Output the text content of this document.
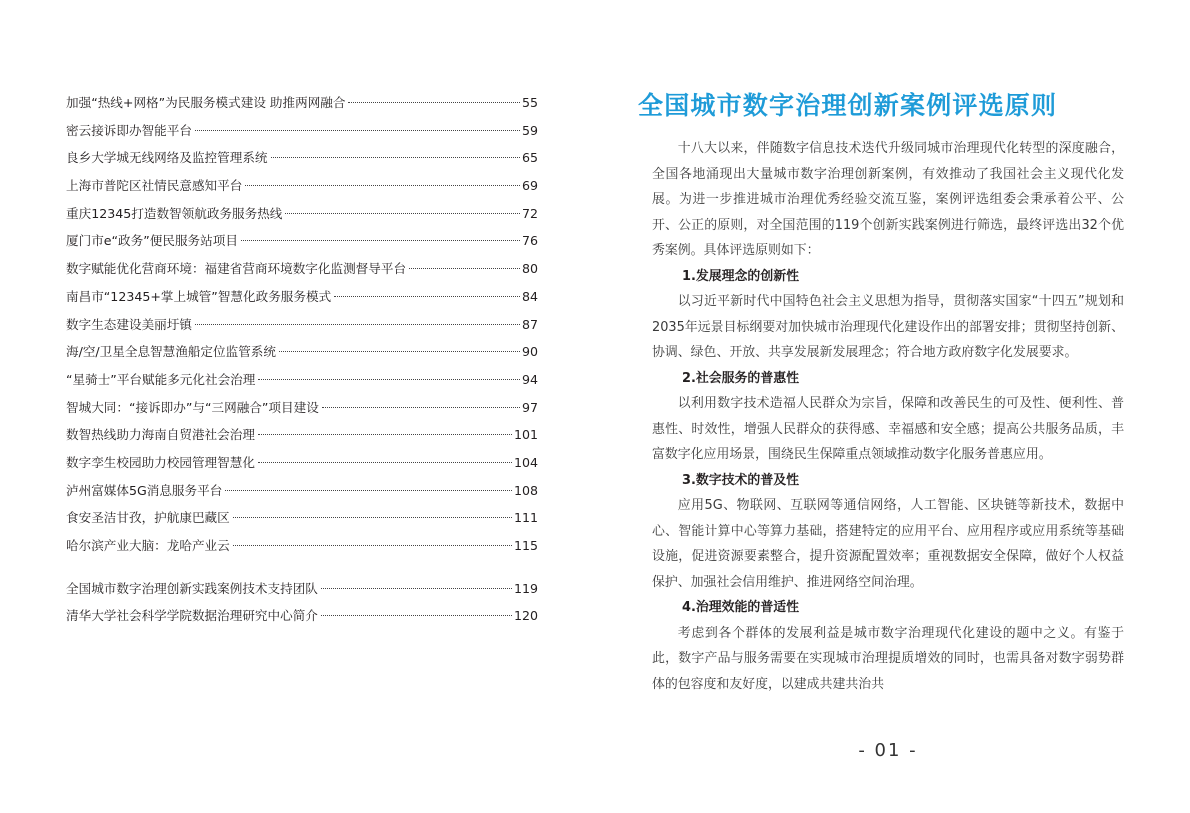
加强“热线+网格”为民服务模式建设 助推两网融合	55
密云接诉即办智能平台	59
良乡大学城无线网络及监控管理系统	65
上海市普陀区社情民意感知平台	69
重庆12345打造数智领航政务服务热线	72
厦门市e“政务”便民服务站项目	76
数字赋能优化营商环境：福建省营商环境数字化监测督导平台	80
南昌市“12345+掌上城管”智慧化政务服务模式	84
数字生态建设美丽圩镇	87
海/空/卫星全息智慧渔船定位监管系统	90
“星骑士”平台赋能多元化社会治理	94
智城大同：“接诉即办”与“三网融合”项目建设	97
数智热线助力海南自贸港社会治理	101
数字孪生校园助力校园管理智慧化	104
泸州富媒体5G消息服务平台	108
食安圣洁甘孜，护航康巴藏区	111
哈尔滨产业大脑：龙哈产业云	115
全国城市数字治理创新实践案例技术支持团队	119
清华大学社会科学学院数据治理研究中心简介	120
全国城市数字治理创新案例评选原则

十八大以来，伴随数字信息技术迭代升级同城市治理现代化转型的深度融合，全国各地涌现出大量城市数字治理创新案例，有效推动了我国社会主义现代化发展。为进一步推进城市治理优秀经验交流互鉴，案例评选组委会秉承着公平、公开、公正的原则，对全国范围的119个创新实践案例进行筛选，最终评选出32个优秀案例。具体评选原则如下：

1.发展理念的创新性

以习近平新时代中国特色社会主义思想为指导，贯彻落实国家“十四五”规划和2035年远景目标纲要对加快城市治理现代化建设作出的部署安排；贯彻坚持创新、协调、绿色、开放、共享发展新发展理念；符合地方政府数字化发展要求。

2.社会服务的普惠性

以利用数字技术造福人民群众为宗旨，保障和改善民生的可及性、便利性、普惠性、时效性，增强人民群众的获得感、幸福感和安全感；提高公共服务品质，丰富数字化应用场景，围绕民生保障重点领域推动数字化服务普惠应用。

3.数字技术的普及性

应用5G、物联网、互联网等通信网络，人工智能、区块链等新技术，数据中心、智能计算中心等算力基础，搭建特定的应用平台、应用程序或应用系统等基础设施，促进资源要素整合，提升资源配置效率；重视数据安全保障，做好个人权益保护、加强社会信用维护、推进网络空间治理。

4.治理效能的普适性

考虑到各个群体的发展利益是城市数字治理现代化建设的题中之义。有鉴于此，数字产品与服务需要在实现城市治理提质增效的同时，也需具备对数字弱势群体的包容度和友好度，以建成共建共治共

- 01 -
